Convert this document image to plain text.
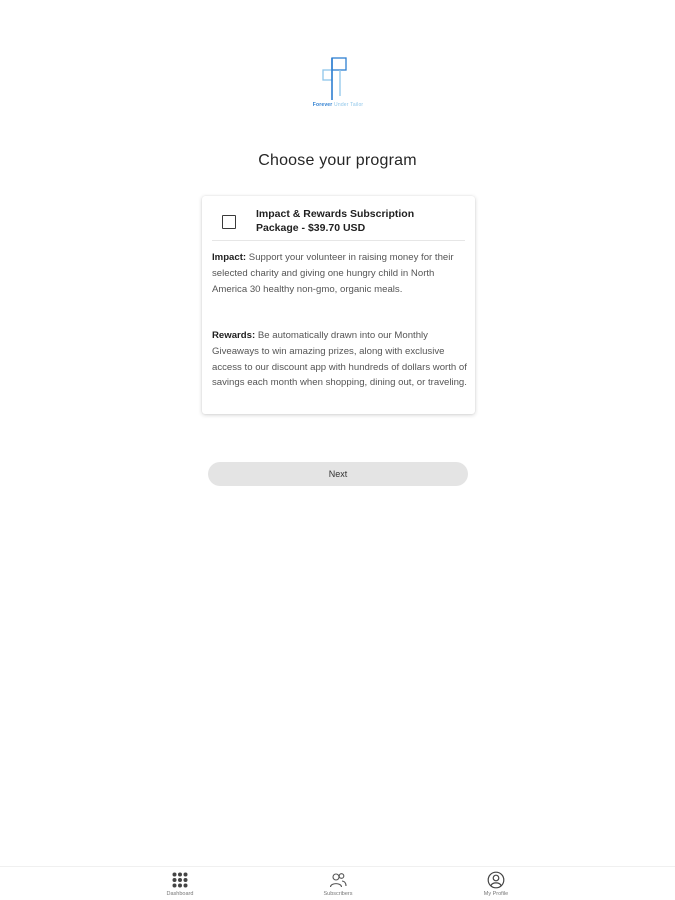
Forever Under Tailor
Choose your program
Impact & Rewards Subscription Package - $39.70 USD
Impact: Support your volunteer in raising money for their selected charity and giving one hungry child in North America 30 healthy non-gmo, organic meals.
Rewards: Be automatically drawn into our Monthly Giveaways to win amazing prizes, along with exclusive access to our discount app with hundreds of dollars worth of savings each month when shopping, dining out, or traveling.
Next
Dashboard	Subscribers	My Profile
